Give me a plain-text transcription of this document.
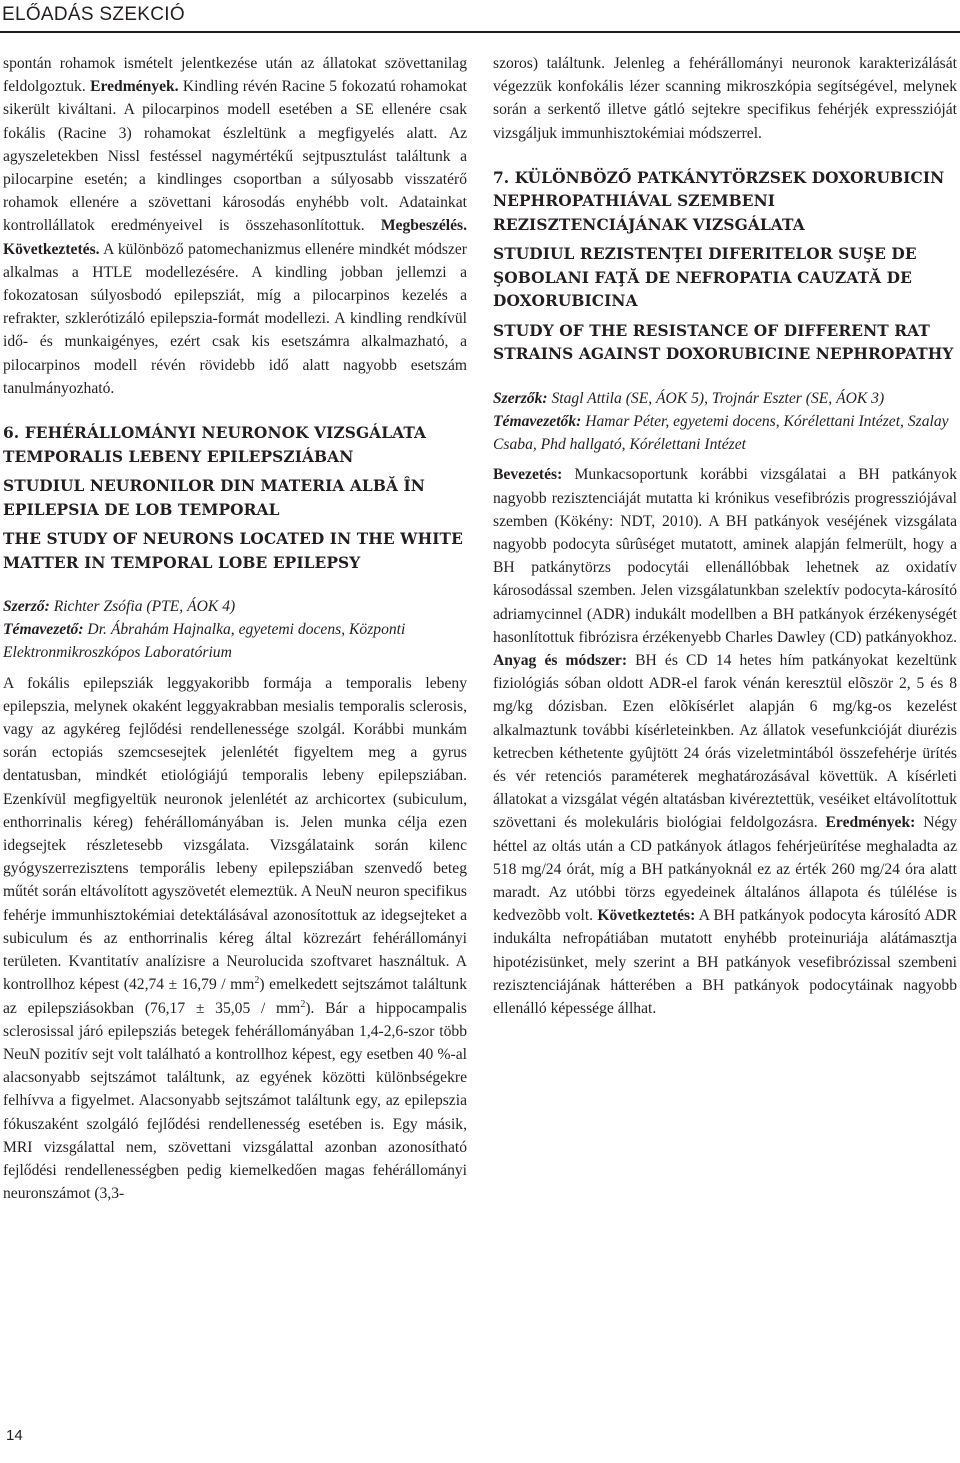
ELŐADÁS SZEKCIÓ

spontán rohamok ismételt jelentkezése után az állatokat szövettanilag feldolgoztuk. Eredmények. Kindling révén Racine 5 fokozatú rohamokat sikerült kiváltani. A pilocarpinos modell esetében a SE ellenére csak fokális (Racine 3) rohamokat észleltünk a megfigyelés alatt. Az agyszeletekben Nissl festéssel nagymértékű sejtpusztulást találtunk a pilocarpine esetén; a kindlinges csoportban a súlyosabb visszatérő rohamok ellenére a szövettani károsodás enyhébb volt. Adatainkat kontrollállatok eredményeivel is összehasonlítottuk. Megbeszélés. Következtetés. A különböző patomechanizmus ellenére mindkét módszer alkalmas a HTLE modellezésére. A kindling jobban jellemzi a fokozatosan súlyosbodó epilepsziát, míg a pilocarpinos kezelés a refrakter, szklerótizáló epilepszia-formát modellezi. A kindling rendkívül idő- és munkaigényes, ezért csak kis esetszámra alkalmazható, a pilocarpinos modell révén rövidebb idő alatt nagyobb esetszám tanulmányozható.

6. FEHÉRÁLLOMÁNYI NEURONOK VIZSGÁLATA TEMPORALIS LEBENY EPILEPSZIÁBAN

STUDIUL NEURONILOR DIN MATERIA ALBĂ ÎN EPILEPSIA DE LOB TEMPORAL

THE STUDY OF NEURONS LOCATED IN THE WHITE MATTER IN TEMPORAL LOBE EPILEPSY

Szerző: Richter Zsófia (PTE, ÁOK 4)
Témavezető: Dr. Ábrahám Hajnalka, egyetemi docens, Központi Elektronmikroszkópos Laboratórium

A fokális epilepsziák leggyakoribb formája a temporalis lebeny epilepszia, melynek okaként leggyakrabban mesialis temporalis sclerosis, vagy az agykéreg fejlődési rendellenessége szolgál. Korábbi munkám során ectopiás szemcsesejtek jelenlétét figyeltem meg a gyrus dentatusban, mindkét etiológiájú temporalis lebeny epilepsziában. Ezenkívül megfigyeltük neuronok jelenlétét az archicortex (subiculum, enthorrinalis kéreg) fehérállományában is. Jelen munka célja ezen idegsejtek részletesebb vizsgálata. Vizsgálataink során kilenc gyógyszerrezisztens temporális lebeny epilepsziában szenvedő beteg műtét során eltávolított agyszövetét elemeztük. A NeuN neuron specifikus fehérje immunhisztokémiai detektálásával azonosítottuk az idegsejteket a subiculum és az enthorrinalis kéreg által közrezárt fehérállományi területen. Kvantitatív analízisre a Neurolucida szoftvaret használtuk. A kontrollhoz képest $(42,74 \pm 16,79 / mm^2)$ emelkedett sejtszámot találtunk az epilepsziásokban $(76,17 \pm 35,05 / mm^2)$. Bár a hippocampalis sclerosissal járó epilepsziás betegek fehérállományában 1,4-2,6-szor több NeuN pozitív sejt volt található a kontrollhoz képest, egy esetben 40 %-al alacsonyabb sejtszámot találtunk, az egyének közötti különbségekre felhívva a figyelmet. Alacsonyabb sejtszámot találtunk egy, az epilepszia fókuszaként szolgáló fejlődési rendellenesség esetében is. Egy másik, MRI vizsgálattal nem, szövettani vizsgálattal azonban azonosítható fejlődési rendellenességben pedig kiemelkedően magas fehérállományi neuronszámot (3,3-

szoros) találtunk. Jelenleg a fehérállományi neuronok karakterizálását végezzük konfokális lézer scanning mikroszkópia segítségével, melynek során a serkentő illetve gátló sejtekre specifikus fehérjék expresszióját vizsgáljuk immunhisztokémiai módszerrel.

7. KÜLÖNBÖZŐ PATKÁNYTÖRZSEK DOXORUBICIN NEPHROPATHIÁVAL SZEMBENI REZISZTENCIÁJÁNAK VIZSGÁLATA

STUDIUL REZISTENŢEI DIFERITELOR SUŞE DE ŞOBOLANI FAŢĂ DE NEFROPATIA CAUZATĂ DE DOXORUBICINA

STUDY OF THE RESISTANCE OF DIFFERENT RAT STRAINS AGAINST DOXORUBICINE NEPHROPATHY

Szerzők: Stagl Attila (SE, ÁOK 5), Trojnár Eszter (SE, ÁOK 3)
Témavezetők: Hamar Péter, egyetemi docens, Kórélettani Intézet, Szalay Csaba, Phd hallgató, Kórélettani Intézet

Bevezetés: Munkacsoportunk korábbi vizsgálatai a BH patkányok nagyobb rezisztenciáját mutatta ki krónikus vesefibrózis progressziójával szemben (Kökény: NDT, 2010). A BH patkányok veséjének vizsgálata nagyobb podocyta sûrûséget mutatott, aminek alapján felmerült, hogy a BH patkánytörzs podocytái ellenállóbbak lehetnek az oxidatív károsodással szemben. Jelen vizsgálatunkban szelektív podocyta-károsító adriamycinnel (ADR) indukált modellben a BH patkányok érzékenységét hasonlítottuk fibrózisra érzékenyebb Charles Dawley (CD) patkányokhoz. Anyag és módszer: BH és CD 14 hetes hím patkányokat kezeltünk fiziológiás sóban oldott ADR-el farok vénán keresztül elõször 2, 5 és 8 mg/kg dózisban. Ezen elõkísérlet alapján 6 mg/kg-os kezelést alkalmaztunk további kísérleteinkben. Az állatok vesefunkcióját diurézis ketrecben kéthetente gyûjtött 24 órás vizeletmintából összefehérje ürítés és vér retenciós paraméterek meghatározásával követtük. A kísérleti állatokat a vizsgálat végén altatásban kivéreztettük, veséiket eltávolítottuk szövettani és molekuláris biológiai feldolgozásra. Eredmények: Négy héttel az oltás után a CD patkányok átlagos fehérjeürítése meghaladta az 518 mg/24 órát, míg a BH patkányoknál ez az érték 260 mg/24 óra alatt maradt. Az utóbbi törzs egyedeinek általános állapota és túlélése is kedvezõbb volt. Következtetés: A BH patkányok podocyta károsító ADR indukálta nefropátiában mutatott enyhébb proteinuriája alátámasztja hipotézisünket, mely szerint a BH patkányok vesefibrózissal szembeni rezisztenciájának hátterében a BH patkányok podocytáinak nagyobb ellenálló képessége állhat.

14
